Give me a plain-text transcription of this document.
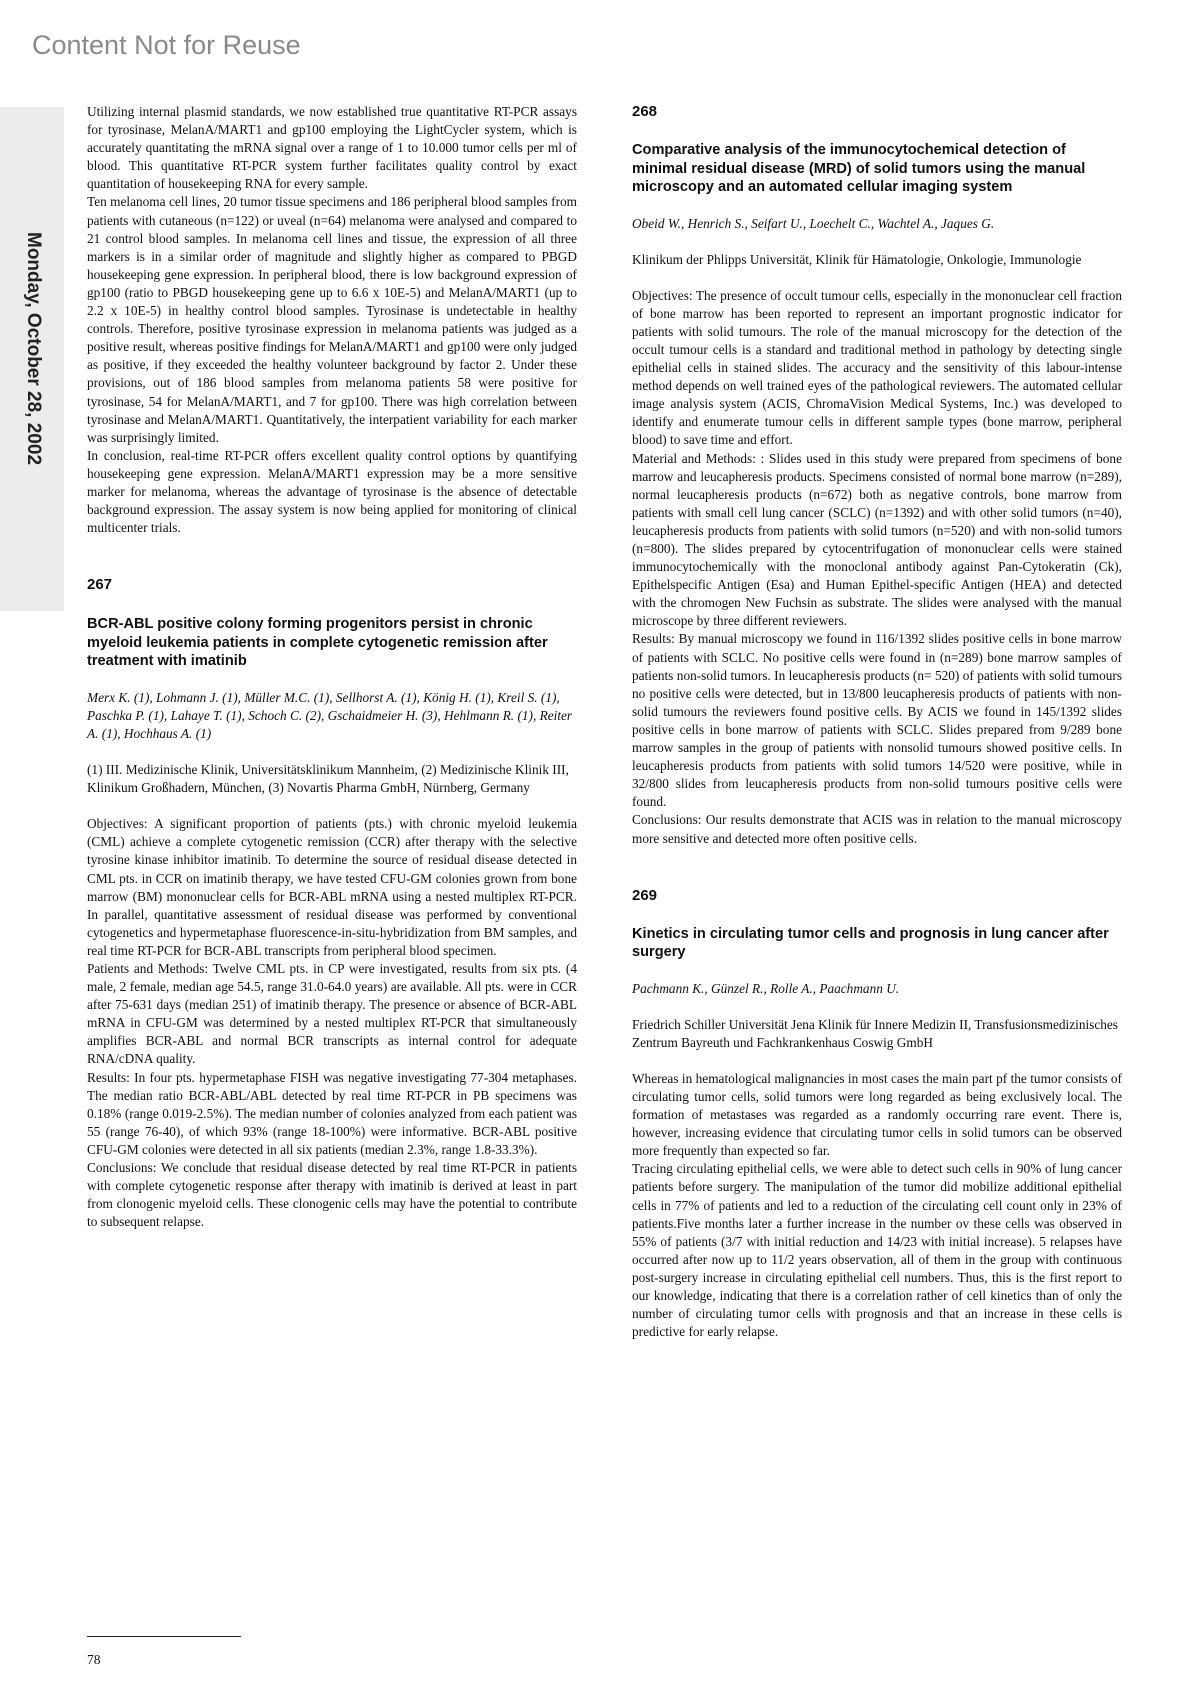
Content Not for Reuse
Monday, October 28, 2002

Utilizing internal plasmid standards, we now established true quantitative RT-PCR assays for tyrosinase, MelanA/MART1 and gp100 employing the LightCycler system, which is accurately quantitating the mRNA signal over a range of 1 to 10.000 tumor cells per ml of blood. This quantitative RT-PCR system further facilitates quality control by exact quantitation of housekeeping RNA for every sample.

Ten melanoma cell lines, 20 tumor tissue specimens and 186 peripheral blood samples from patients with cutaneous (n=122) or uveal (n=64) melanoma were analysed and compared to 21 control blood samples. In melanoma cell lines and tissue, the expression of all three markers is in a similar order of magnitude and slightly higher as compared to PBGD housekeeping gene expression. In peripheral blood, there is low background expression of gp100 (ratio to PBGD housekeeping gene up to 6.6 x 10E-5) and MelanA/MART1 (up to 2.2 x 10E-5) in healthy control blood samples. Tyrosinase is undetectable in healthy controls. Therefore, positive tyrosinase expression in melanoma patients was judged as a positive result, whereas positive findings for MelanA/MART1 and gp100 were only judged as positive, if they exceeded the healthy volunteer background by factor 2. Under these provisions, out of 186 blood samples from melanoma patients 58 were positive for tyrosinase, 54 for MelanA/MART1, and 7 for gp100. There was high correlation between tyrosinase and MelanA/MART1. Quantitatively, the interpatient variability for each marker was surprisingly limited.

In conclusion, real-time RT-PCR offers excellent quality control options by quantifying housekeeping gene expression. MelanA/MART1 expression may be a more sensitive marker for melanoma, whereas the advantage of tyrosinase is the absence of detectable background expression. The assay system is now being applied for monitoring of clinical multicenter trials.

267
BCR-ABL positive colony forming progenitors persist in chronic myeloid leukemia patients in complete cytogenetic remission after treatment with imatinib
Merx K. (1), Lohmann J. (1), Müller M.C. (1), Sellhorst A. (1), König H. (1), Kreil S. (1), Paschka P. (1), Lahaye T. (1), Schoch C. (2), Gschaidmeier H. (3), Hehlmann R. (1), Reiter A. (1), Hochhaus A. (1)
(1) III. Medizinische Klinik, Universitätsklinikum Mannheim, (2) Medizinische Klinik III, Klinikum Großhadern, München, (3) Novartis Pharma GmbH, Nürnberg, Germany

Objectives: A significant proportion of patients (pts.) with chronic myeloid leukemia (CML) achieve a complete cytogenetic remission (CCR) after therapy with the selective tyrosine kinase inhibitor imatinib. To determine the source of residual disease detected in CML pts. in CCR on imatinib therapy, we have tested CFU-GM colonies grown from bone marrow (BM) mononuclear cells for BCR-ABL mRNA using a nested multiplex RT-PCR. In parallel, quantitative assessment of residual disease was performed by conventional cytogenetics and hypermetaphase fluorescence-in-situ-hybridization from BM samples, and real time RT-PCR for BCR-ABL transcripts from peripheral blood specimen.

Patients and Methods: Twelve CML pts. in CP were investigated, results from six pts. (4 male, 2 female, median age 54.5, range 31.0-64.0 years) are available. All pts. were in CCR after 75-631 days (median 251) of imatinib therapy. The presence or absence of BCR-ABL mRNA in CFU-GM was determined by a nested multiplex RT-PCR that simultaneously amplifies BCR-ABL and normal BCR transcripts as internal control for adequate RNA/cDNA quality.

Results: In four pts. hypermetaphase FISH was negative investigating 77-304 metaphases. The median ratio BCR-ABL/ABL detected by real time RT-PCR in PB specimens was 0.18% (range 0.019-2.5%). The median number of colonies analyzed from each patient was 55 (range 76-40), of which 93% (range 18-100%) were informative. BCR-ABL positive CFU-GM colonies were detected in all six patients (median 2.3%, range 1.8-33.3%).

Conclusions: We conclude that residual disease detected by real time RT-PCR in patients with complete cytogenetic response after therapy with imatinib is derived at least in part from clonogenic myeloid cells. These clonogenic cells may have the potential to contribute to subsequent relapse.

268
Comparative analysis of the immunocytochemical detection of minimal residual disease (MRD) of solid tumors using the manual microscopy and an automated cellular imaging system
Obeid W., Henrich S., Seifart U., Loechelt C., Wachtel A., Jaques G.
Klinikum der Phlipps Universität, Klinik für Hämatologie, Onkologie, Immunologie

Objectives: The presence of occult tumour cells, especially in the mononuclear cell fraction of bone marrow has been reported to represent an important prognostic indicator for patients with solid tumours. The role of the manual microscopy for the detection of the occult tumour cells is a standard and traditional method in pathology by detecting single epithelial cells in stained slides. The accuracy and the sensitivity of this labour-intense method depends on well trained eyes of the pathological reviewers. The automated cellular image analysis system (ACIS, ChromaVision Medical Systems, Inc.) was developed to identify and enumerate tumour cells in different sample types (bone marrow, peripheral blood) to save time and effort.

Material and Methods: : Slides used in this study were prepared from specimens of bone marrow and leucapheresis products. Specimens consisted of normal bone marrow (n=289), normal leucapheresis products (n=672) both as negative controls, bone marrow from patients with small cell lung cancer (SCLC) (n=1392) and with other solid tumors (n=40), leucapheresis products from patients with solid tumors (n=520) and with non-solid tumors (n=800). The slides prepared by cytocentrifugation of mononuclear cells were stained immunocytochemically with the monoclonal antibody against Pan-Cytokeratin (Ck), Epithelspecific Antigen (Esa) and Human Epithel-specific Antigen (HEA) and detected with the chromogen New Fuchsin as substrate. The slides were analysed with the manual microscope by three different reviewers.

Results: By manual microscopy we found in 116/1392 slides positive cells in bone marrow of patients with SCLC. No positive cells were found in (n=289) bone marrow samples of patients non-solid tumors. In leucapheresis products (n= 520) of patients with solid tumours no positive cells were detected, but in 13/800 leucapheresis products of patients with non-solid tumours the reviewers found positive cells. By ACIS we found in 145/1392 slides positive cells in bone marrow of patients with SCLC. Slides prepared from 9/289 bone marrow samples in the group of patients with nonsolid tumours showed positive cells. In leucapheresis products from patients with solid tumors 14/520 were positive, while in 32/800 slides from leucapheresis products from non-solid tumours positive cells were found.

Conclusions: Our results demonstrate that ACIS was in relation to the manual microscopy more sensitive and detected more often positive cells.

269
Kinetics in circulating tumor cells and prognosis in lung cancer after surgery
Pachmann K., Günzel R., Rolle A., Paachmann U.
Friedrich Schiller Universität Jena Klinik für Innere Medizin II, Transfusionsmedizinisches Zentrum Bayreuth und Fachkrankenhaus Coswig GmbH

Whereas in hematological malignancies in most cases the main part pf the tumor consists of circulating tumor cells, solid tumors were long regarded as being exclusively local. The formation of metastases was regarded as a randomly occurring rare event. There is, however, increasing evidence that circulating tumor cells in solid tumors can be observed more frequently than expected so far.

Tracing circulating epithelial cells, we were able to detect such cells in 90% of lung cancer patients before surgery. The manipulation of the tumor did mobilize additional epithelial cells in 77% of patients and led to a reduction of the circulating cell count only in 23% of patients.Five months later a further increase in the number ov these cells was observed in 55% of patients (3/7 with initial reduction and 14/23 with initial increase). 5 relapses have occurred after now up to 11/2 years observation, all of them in the group with continuous post-surgery increase in circulating epithelial cell numbers. Thus, this is the first report to our knowledge, indicating that there is a correlation rather of cell kinetics than of only the number of circulating tumor cells with prognosis and that an increase in these cells is predictive for early relapse.

78
